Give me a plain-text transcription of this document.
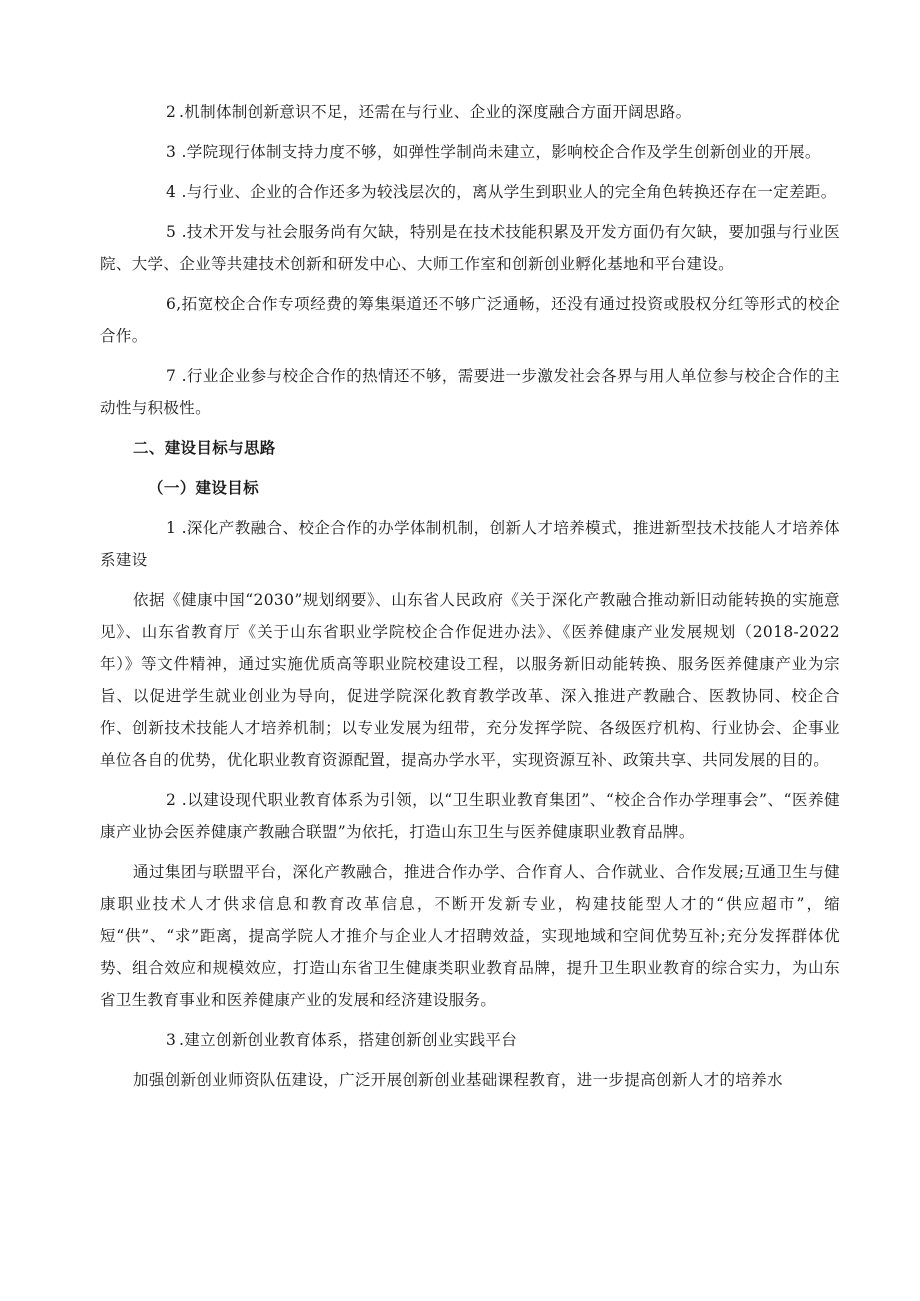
2 .机制体制创新意识不足，还需在与行业、企业的深度融合方面开阔思路。

3 .学院现行体制支持力度不够，如弹性学制尚未建立，影响校企合作及学生创新创业的开展。

4 .与行业、企业的合作还多为较浅层次的，离从学生到职业人的完全角色转换还存在一定差距。

5 .技术开发与社会服务尚有欠缺，特别是在技术技能积累及开发方面仍有欠缺，要加强与行业医院、大学、企业等共建技术创新和研发中心、大师工作室和创新创业孵化基地和平台建设。

6,拓宽校企合作专项经费的筹集渠道还不够广泛通畅，还没有通过投资或股权分红等形式的校企合作。

7 .行业企业参与校企合作的热情还不够，需要进一步激发社会各界与用人单位参与校企合作的主动性与积极性。

二、建设目标与思路
（一）建设目标

1 .深化产教融合、校企合作的办学体制机制，创新人才培养模式，推进新型技术技能人才培养体系建设

依据《健康中国“2030”规划纲要》、山东省人民政府《关于深化产教融合推动新旧动能转换的实施意见》、山东省教育厅《关于山东省职业学院校企合作促进办法》、《医养健康产业发展规划（2018-2022年）》等文件精神，通过实施优质高等职业院校建设工程，以服务新旧动能转换、服务医养健康产业为宗旨、以促进学生就业创业为导向，促进学院深化教育教学改革、深入推进产教融合、医教协同、校企合作、创新技术技能人才培养机制；以专业发展为纽带，充分发挥学院、各级医疗机构、行业协会、企事业单位各自的优势，优化职业教育资源配置，提高办学水平，实现资源互补、政策共享、共同发展的目的。

2 .以建设现代职业教育体系为引领，以“卫生职业教育集团”、“校企合作办学理事会”、“医养健康产业协会医养健康产教融合联盟”为依托，打造山东卫生与医养健康职业教育品牌。

通过集团与联盟平台，深化产教融合，推进合作办学、合作育人、合作就业、合作发展;互通卫生与健康职业技术人才供求信息和教育改革信息，不断开发新专业，构建技能型人才的“供应超市”，缩短“供”、“求”距离，提高学院人才推介与企业人才招聘效益，实现地域和空间优势互补;充分发挥群体优势、组合效应和规模效应，打造山东省卫生健康类职业教育品牌，提升卫生职业教育的综合实力，为山东省卫生教育事业和医养健康产业的发展和经济建设服务。

3 .建立创新创业教育体系，搭建创新创业实践平台

加强创新创业师资队伍建设，广泛开展创新创业基础课程教育，进一步提高创新人才的培养水
